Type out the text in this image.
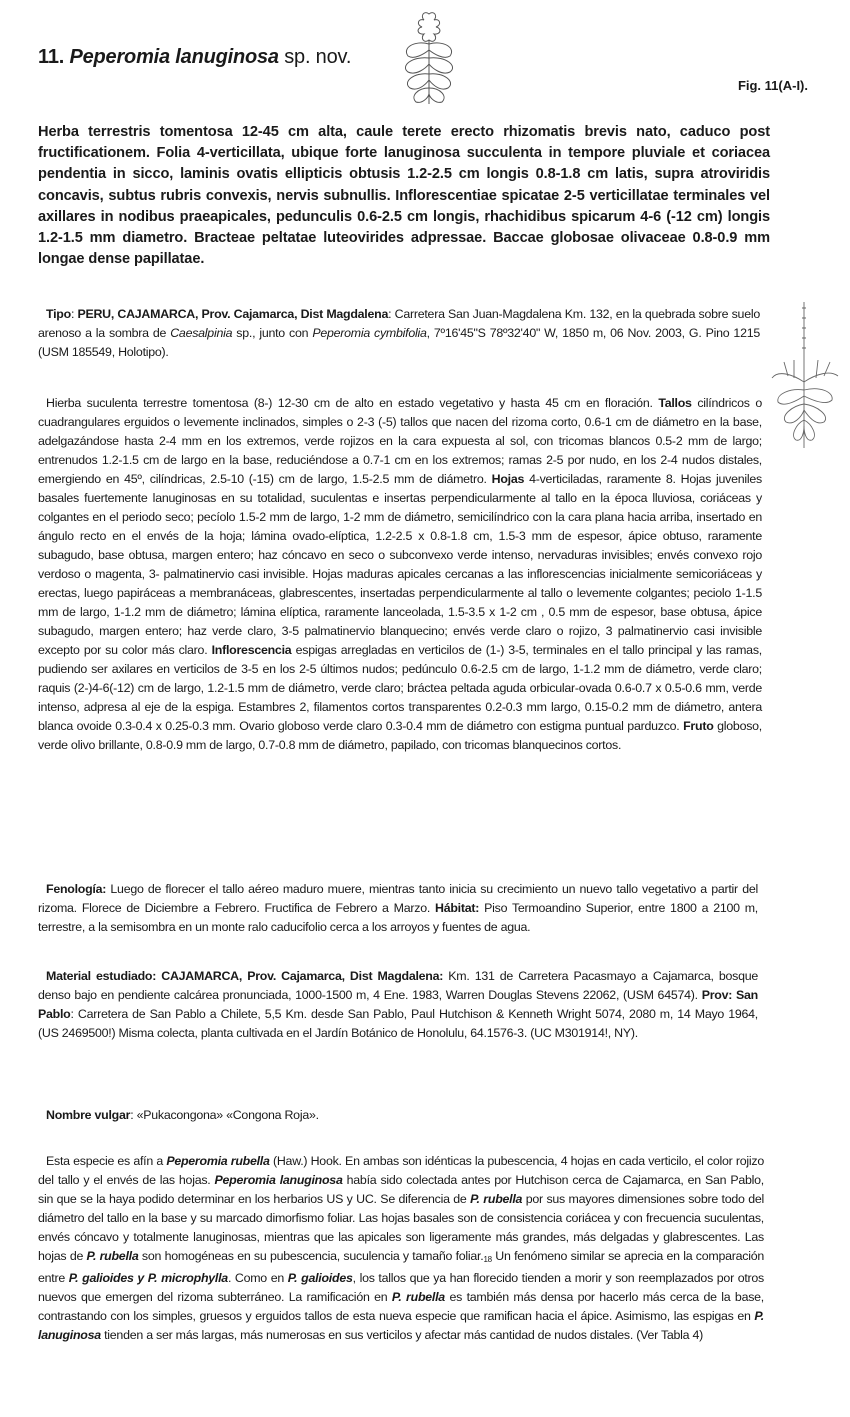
11. Peperomia lanuginosa sp. nov.

Fig. 11(A-I).

Herba terrestris tomentosa 12-45 cm alta, caule terete erecto rhizomatis brevis nato, caduco post fructificationem. Folia 4-verticillata, ubique forte lanuginosa succulenta in tempore pluviale et coriacea pendentia in sicco, laminis ovatis ellipticis obtusis 1.2-2.5 cm longis 0.8-1.8 cm latis, supra atroviridis concavis, subtus rubris convexis, nervis subnullis. Inflorescentiae spicatae 2-5 verticillatae terminales vel axillares in nodibus praeapicales, pedunculis 0.6-2.5 cm longis, rhachidibus spicarum 4-6 (-12 cm) longis 1.2-1.5 mm diametro. Bracteae peltatae luteovirides adpressae. Baccae globosae olivaceae 0.8-0.9 mm longae dense papillatae.

Tipo: PERU, CAJAMARCA, Prov. Cajamarca, Dist Magdalena: Carretera San Juan-Magdalena Km. 132, en la quebrada sobre suelo arenoso a la sombra de Caesalpinia sp., junto con Peperomia cymbifolia, 7º16'45"S 78º32'40" W, 1850 m, 06 Nov. 2003, G. Pino 1215 (USM 185549, Holotipo).

Hierba suculenta terrestre tomentosa (8-) 12-30 cm de alto en estado vegetativo y hasta 45 cm en floración. Tallos cilíndricos o cuadrangulares erguidos o levemente inclinados, simples o 2-3 (-5) tallos que nacen del rizoma corto, 0.6-1 cm de diámetro en la base, adelgazándose hasta 2-4 mm en los extremos, verde rojizos en la cara expuesta al sol, con tricomas blancos 0.5-2 mm de largo; entrenudos 1.2-1.5 cm de largo en la base, reduciéndose a 0.7-1 cm en los extremos; ramas 2-5 por nudo, en los 2-4 nudos distales, emergiendo en 45º, cilíndricas, 2.5-10 (-15) cm de largo, 1.5-2.5 mm de diámetro. Hojas 4-verticiladas, raramente 8. Hojas juveniles basales fuertemente lanuginosas en su totalidad, suculentas e insertas perpendicularmente al tallo en la época lluviosa, coriáceas y colgantes en el periodo seco; pecíolo 1.5-2 mm de largo, 1-2 mm de diámetro, semicilíndrico con la cara plana hacia arriba, insertado en ángulo recto en el envés de la hoja; lámina ovado-elíptica, 1.2-2.5 x 0.8-1.8 cm, 1.5-3 mm de espesor, ápice obtuso, raramente subagudo, base obtusa, margen entero; haz cóncavo en seco o subconvexo verde intenso, nervaduras invisibles; envés convexo rojo verdoso o magenta, 3- palmatinervio casi invisible. Hojas maduras apicales cercanas a las inflorescencias inicialmente semicoriáceas y erectas, luego papiráceas a membranáceas, glabrescentes, insertadas perpendicularmente al tallo o levemente colgantes; peciolo 1-1.5 mm de largo, 1-1.2 mm de diámetro; lámina elíptica, raramente lanceolada, 1.5-3.5 x 1-2 cm , 0.5 mm de espesor, base obtusa, ápice subagudo, margen entero; haz verde claro, 3-5 palmatinervio blanquecino; envés verde claro o rojizo, 3 palmatinervio casi invisible excepto por su color más claro. Inflorescencia espigas arregladas en verticilos de (1-) 3-5, terminales en el tallo principal y las ramas, pudiendo ser axilares en verticilos de 3-5 en los 2-5 últimos nudos; pedúnculo 0.6-2.5 cm de largo, 1-1.2 mm de diámetro, verde claro; raquis (2-)4-6(-12) cm de largo, 1.2-1.5 mm de diámetro, verde claro; bráctea peltada aguda orbicular-ovada 0.6-0.7 x 0.5-0.6 mm, verde intenso, adpresa al eje de la espiga. Estambres 2, filamentos cortos transparentes 0.2-0.3 mm largo, 0.15-0.2 mm de diámetro, antera blanca ovoide 0.3-0.4 x 0.25-0.3 mm. Ovario globoso verde claro 0.3-0.4 mm de diámetro con estigma puntual parduzco. Fruto globoso, verde olivo brillante, 0.8-0.9 mm de largo, 0.7-0.8 mm de diámetro, papilado, con tricomas blanquecinos cortos.

Fenología: Luego de florecer el tallo aéreo maduro muere, mientras tanto inicia su crecimiento un nuevo tallo vegetativo a partir del rizoma. Florece de Diciembre a Febrero. Fructifica de Febrero a Marzo. Hábitat: Piso Termoandino Superior, entre 1800 a 2100 m, terrestre, a la semisombra en un monte ralo caducifolio cerca a los arroyos y fuentes de agua.

Material estudiado: CAJAMARCA, Prov. Cajamarca, Dist Magdalena: Km. 131 de Carretera Pacasmayo a Cajamarca, bosque denso bajo en pendiente calcárea pronunciada, 1000-1500 m, 4 Ene. 1983, Warren Douglas Stevens 22062, (USM 64574). Prov: San Pablo: Carretera de San Pablo a Chilete, 5,5 Km. desde San Pablo, Paul Hutchison & Kenneth Wright 5074, 2080 m, 14 Mayo 1964, (US 2469500!) Misma colecta, planta cultivada en el Jardín Botánico de Honolulu, 64.1576-3. (UC M301914!, NY).

Nombre vulgar: «Pukacongona» «Congona Roja».

Esta especie es afín a Peperomia rubella (Haw.) Hook. En ambas son idénticas la pubescencia, 4 hojas en cada verticilo, el color rojizo del tallo y el envés de las hojas. Peperomia lanuginosa había sido colectada antes por Hutchison cerca de Cajamarca, en San Pablo, sin que se la haya podido determinar en los herbarios US y UC. Se diferencia de P. rubella por sus mayores dimensiones sobre todo del diámetro del tallo en la base y su marcado dimorfismo foliar. Las hojas basales son de consistencia coriácea y con frecuencia suculentas, envés cóncavo y totalmente lanuginosas, mientras que las apicales son ligeramente más grandes, más delgadas y glabrescentes. Las hojas de P. rubella son homogéneas en su pubescencia, suculencia y tamaño $foliar._{18}$ Un fenómeno similar se aprecia en la comparación entre P. galioides y P. microphylla. Como en P. galioides, los tallos que ya han florecido tienden a morir y son reemplazados por otros nuevos que emergen del rizoma subterráneo. La ramificación en P. rubella es también más densa por hacerlo más cerca de la base, contrastando con los simples, gruesos y erguidos tallos de esta nueva especie que ramifican hacia el ápice. Asimismo, las espigas en P. lanuginosa tienden a ser más largas, más numerosas en sus verticilos y afectar más cantidad de nudos distales. (Ver Tabla 4)
